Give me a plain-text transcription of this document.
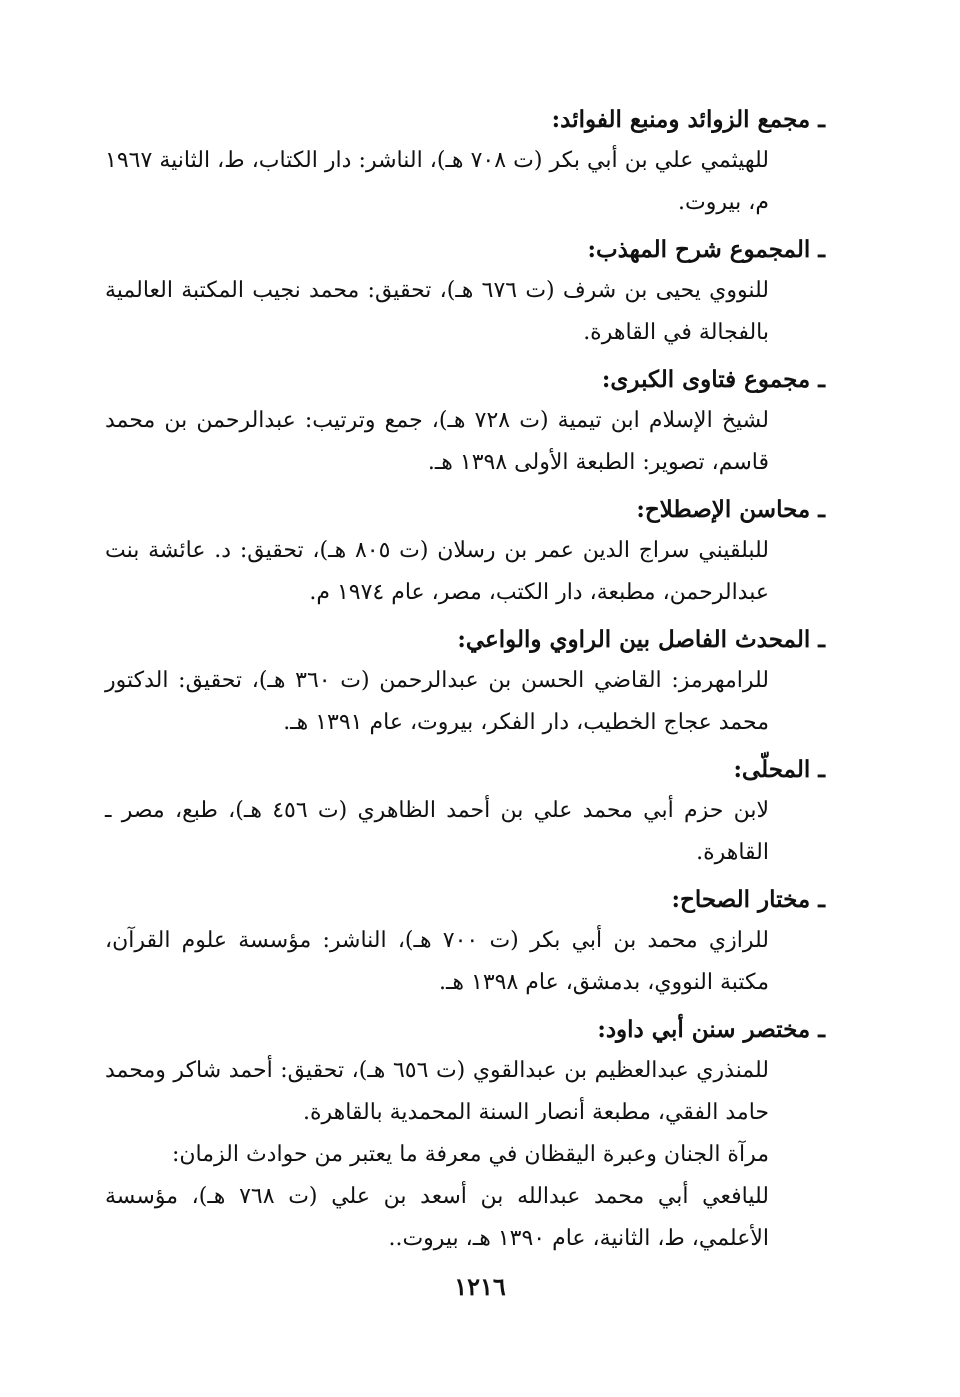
ـ مجمع الزوائد ومنبع الفوائد:

للهيثمي علي بن أبي بكر (ت ٧٠٨ هـ)، الناشر: دار الكتاب، ط، الثانية ١٩٦٧ م، بيروت.

ـ المجموع شرح المهذب:

للنووي يحيى بن شرف (ت ٦٧٦ هـ)، تحقيق: محمد نجيب المكتبة العالمية بالفجالة في القاهرة.

ـ مجموع فتاوى الكبرى:

لشيخ الإسلام ابن تيمية (ت ٧٢٨ هـ)، جمع وترتيب: عبدالرحمن بن محمد قاسم، تصوير: الطبعة الأولى ١٣٩٨ هـ.

ـ محاسن الإصطلاح:

للبلقيني سراج الدين عمر بن رسلان (ت ٨٠٥ هـ)، تحقيق: د. عائشة بنت عبدالرحمن، مطبعة، دار الكتب، مصر، عام ١٩٧٤ م.

ـ المحدث الفاصل بين الراوي والواعي:

للرامهرمز: القاضي الحسن بن عبدالرحمن (ت ٣٦٠ هـ)، تحقيق: الدكتور محمد عجاج الخطيب، دار الفكر، بيروت، عام ١٣٩١ هـ.

ـ المحلّى:

لابن حزم أبي محمد علي بن أحمد الظاهري (ت ٤٥٦ هـ)، طبع، مصر ـ القاهرة.

ـ مختار الصحاح:

للرازي محمد بن أبي بكر (ت ٧٠٠ هـ)، الناشر: مؤسسة علوم القرآن، مكتبة النووي، بدمشق، عام ١٣٩٨ هـ.

ـ مختصر سنن أبي داود:

للمنذري عبدالعظيم بن عبدالقوي (ت ٦٥٦ هـ)، تحقيق: أحمد شاكر ومحمد حامد الفقي، مطبعة أنصار السنة المحمدية بالقاهرة.

مرآة الجنان وعبرة اليقظان في معرفة ما يعتبر من حوادث الزمان:

لليافعي أبي محمد عبدالله بن أسعد بن علي (ت ٧٦٨ هـ)، مؤسسة الأعلمي، ط، الثانية، عام ١٣٩٠ هـ، بيروت..

١٢١٦
